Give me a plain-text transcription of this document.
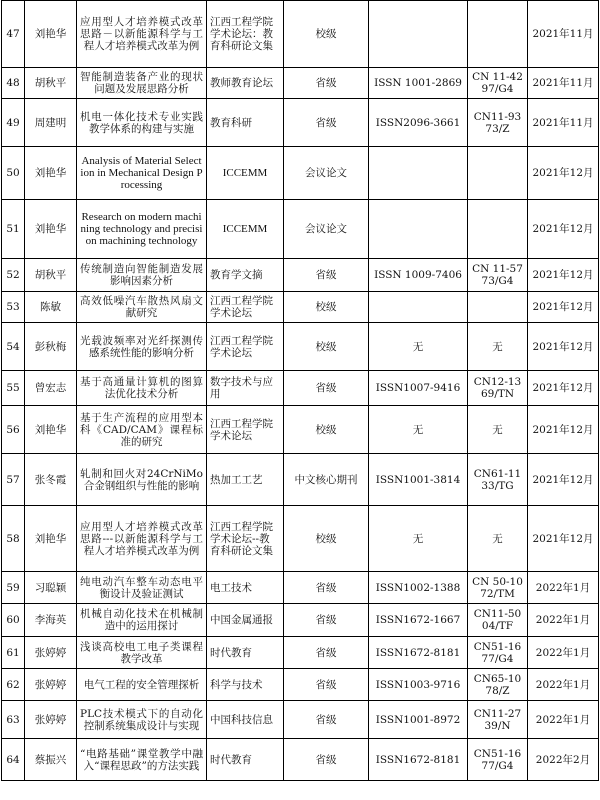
47	刘艳华	应用型人才培养模式改革思路－以新能源科学与工程人才培养模式改革为例	江西工程学院学术论坛：教育科研论文集	校级			2021年11月
48	胡秋平	智能制造装备产业的现状问题及发展思路分析	教师教育论坛	省级	ISSN 1001-2869	CN 11-4297/G4	2021年11月
49	周建明	机电一体化技术专业实践教学体系的构建与实施	教育科研	省级	ISSN2096-3661	CN11-9373/Z	2021年11月
50	刘艳华	Analysis of Material Selection in Mechanical Design Processing	ICCEMM	会议论文			2021年12月
51	刘艳华	Research on modern machining technology and precision machining technology	ICCEMM	会议论文			2021年12月
52	胡秋平	传统制造向智能制造发展影响因素分析	教育学文摘	省级	ISSN 1009-7406	CN 11-5773/G4	2021年12月
53	陈敏	高效低噪汽车散热风扇文献研究	江西工程学院学术论坛	校级			2021年12月
54	彭秋梅	光载波频率对光纤探测传感系统性能的影响分析	江西工程学院学术论坛	校级	无	无	2021年12月
55	曾宏志	基于高通量计算机的图算法优化技术分析	数字技术与应用	省级	ISSN1007-9416	CN12-1369/TN	2021年12月
56	刘艳华	基于生产流程的应用型本科《CAD/CAM》课程标准的研究	江西工程学院学术论坛	校级	无	无	2021年12月
57	张冬霞	轧制和回火对24CrNiMo合金钢组织与性能的影响	热加工工艺	中文核心期刊	ISSN1001-3814	CN61-1133/TG	2021年12月
58	刘艳华	应用型人才培养模式改革思路---以新能源科学与工程人才培养模式改革为例	江西工程学院学术论坛--教育科研论文集	校级	无	无	2021年12月
59	习聪颖	纯电动汽车整车动态电平衡设计及验证测试	电工技术	省级	ISSN1002-1388	CN 50-1072/TM	2022年1月
60	李海英	机械自动化技术在机械制造中的运用探讨	中国金属通报	省级	ISSN1672-1667	CN11-5004/TF	2022年1月
61	张婷婷	浅谈高校电工电子类课程教学改革	时代教育	省级	ISSN1672-8181	CN51-1677/G4	2022年1月
62	张婷婷	电气工程的安全管理探析	科学与技术	省级	ISSN1003-9716	CN65-1078/Z	2022年1月
63	张婷婷	PLC技术模式下的自动化控制系统集成设计与实现	中国科技信息	省级	ISSN1001-8972	CN11-2739/N	2022年1月
64	蔡振兴	“电路基础”课堂教学中融入“课程思政”的方法实践	时代教育	省级	ISSN1672-8181	CN51-1677/G4	2022年2月
